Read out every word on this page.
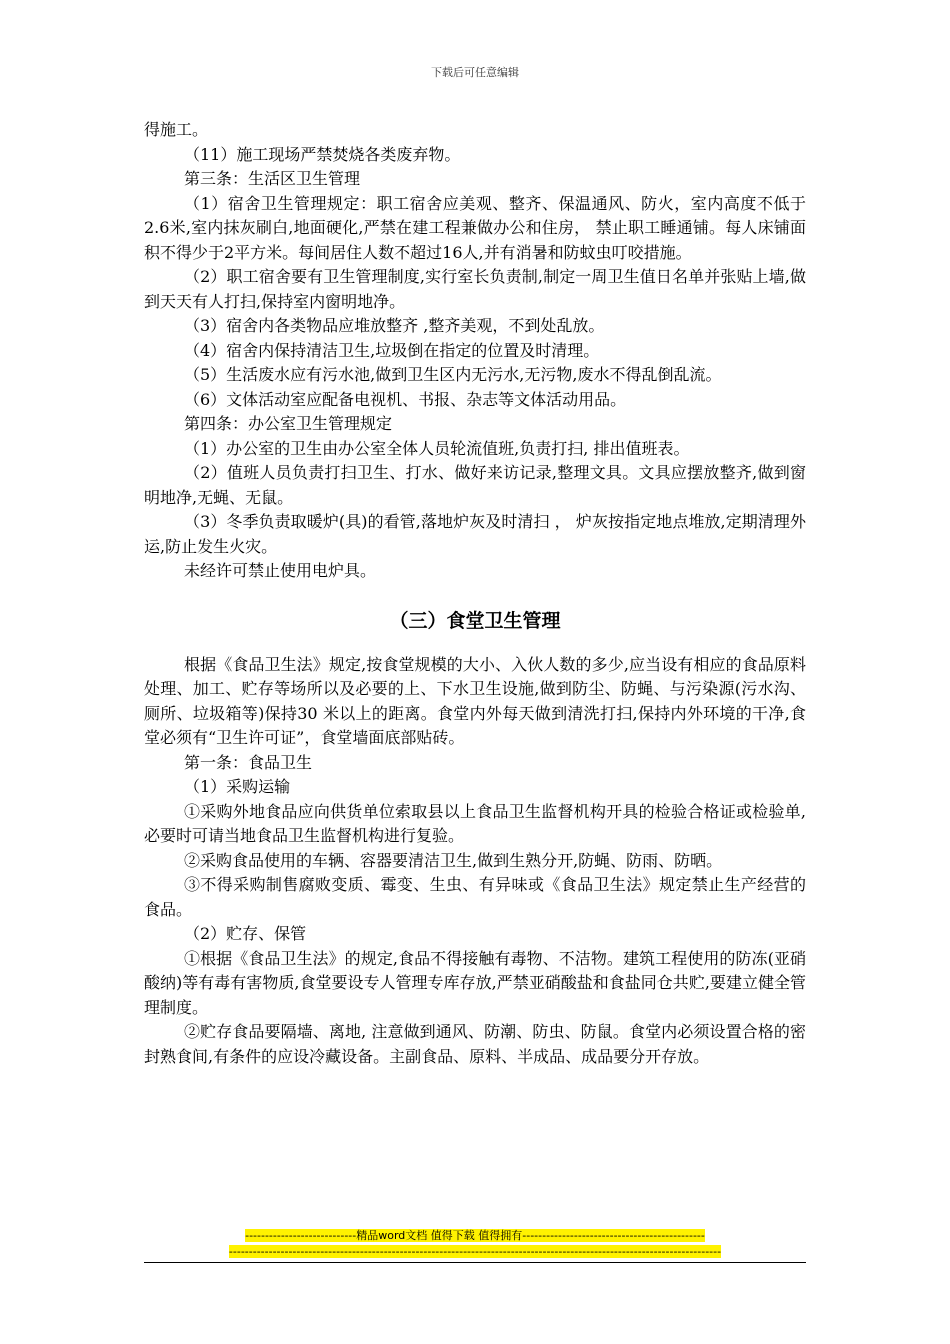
下载后可任意编辑

得施工。

（11）施工现场严禁焚烧各类废弃物。

第三条：生活区卫生管理

（1）宿舍卫生管理规定：职工宿舍应美观、整齐、保温通风、防火，室内高度不低于2.6米,室内抹灰刷白,地面硬化,严禁在建工程兼做办公和住房， 禁止职工睡通铺。每人床铺面积不得少于2平方米。每间居住人数不超过16人,并有消暑和防蚊虫叮咬措施。

（2）职工宿舍要有卫生管理制度,实行室长负责制,制定一周卫生值日名单并张贴上墙,做到天天有人打扫,保持室内窗明地净。

（3）宿舍内各类物品应堆放整齐 ,整齐美观，不到处乱放。

（4）宿舍内保持清洁卫生,垃圾倒在指定的位置及时清理。

（5）生活废水应有污水池,做到卫生区内无污水,无污物,废水不得乱倒乱流。

（6）文体活动室应配备电视机、书报、杂志等文体活动用品。

第四条：办公室卫生管理规定

（1）办公室的卫生由办公室全体人员轮流值班,负责打扫, 排出值班表。

（2）值班人员负责打扫卫生、打水、做好来访记录,整理文具。文具应摆放整齐,做到窗明地净,无蝇、无鼠。

（3）冬季负责取暖炉(具)的看管,落地炉灰及时清扫 ， 炉灰按指定地点堆放,定期清理外运,防止发生火灾。

未经许可禁止使用电炉具。

（三）食堂卫生管理

根据《食品卫生法》规定,按食堂规模的大小、入伙人数的多少,应当设有相应的食品原料处理、加工、贮存等场所以及必要的上、下水卫生设施,做到防尘、防蝇、与污染源(污水沟、厕所、垃圾箱等)保持30 米以上的距离。食堂内外每天做到清洗打扫,保持内外环境的干净,食堂必须有“卫生许可证”，食堂墙面底部贴砖。

第一条：食品卫生

（1）采购运输

①采购外地食品应向供货单位索取县以上食品卫生监督机构开具的检验合格证或检验单,必要时可请当地食品卫生监督机构进行复验。

②采购食品使用的车辆、容器要清洁卫生,做到生熟分开,防蝇、防雨、防晒。

③不得采购制售腐败变质、霉变、生虫、有异味或《食品卫生法》规定禁止生产经营的食品。

（2）贮存、保管

①根据《食品卫生法》的规定,食品不得接触有毒物、不洁物。建筑工程使用的防冻(亚硝酸纳)等有毒有害物质,食堂要设专人管理专库存放,严禁亚硝酸盐和食盐同仓共贮,要建立健全管理制度。

②贮存食品要隔墙、离地, 注意做到通风、防潮、防虫、防鼠。食堂内必须设置合格的密封熟食间,有条件的应设冷藏设备。主副食品、原料、半成品、成品要分开存放。

----------------------------精品word文档 值得下载 值得拥有----------------------------------------------
----------------------------------------------------------------------------------------------------------------------------
